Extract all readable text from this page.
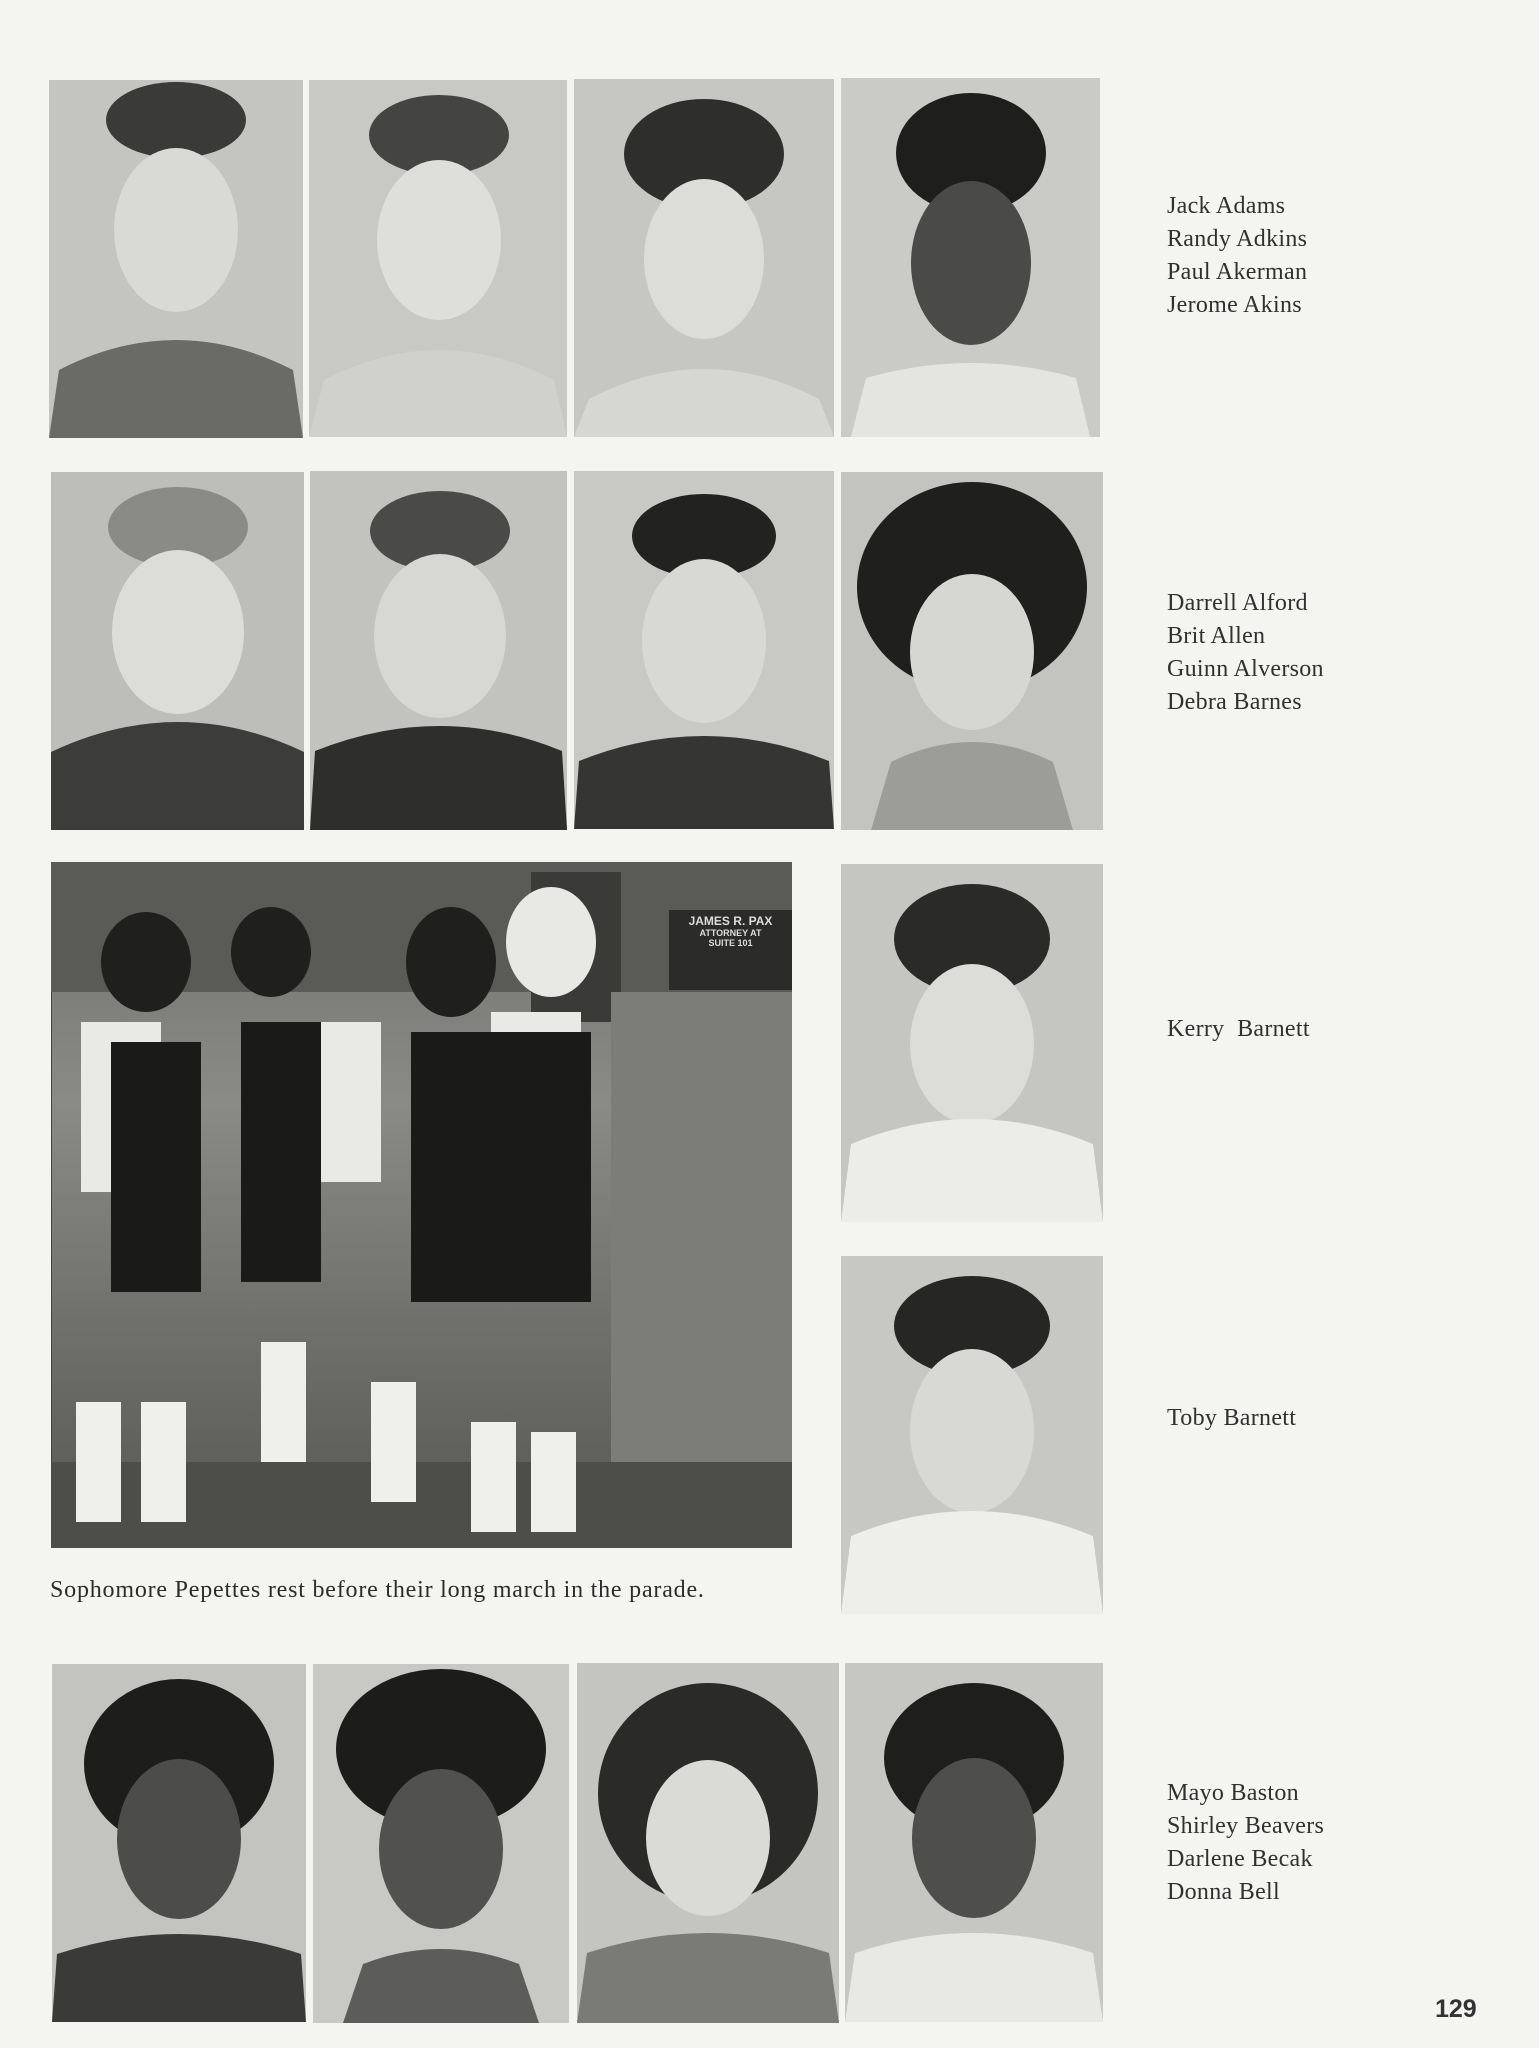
Jack Adams
Randy Adkins
Paul Akerman
Jerome Akins
Darrell Alford
Brit Allen
Guinn Alverson
Debra Barnes
JAMES R. PAX
ATTORNEY AT
SUITE 101
Sophomore Pepettes rest before their long march in the parade.
Kerry  Barnett
Toby Barnett
Mayo Baston
Shirley Beavers
Darlene Becak
Donna Bell
129
